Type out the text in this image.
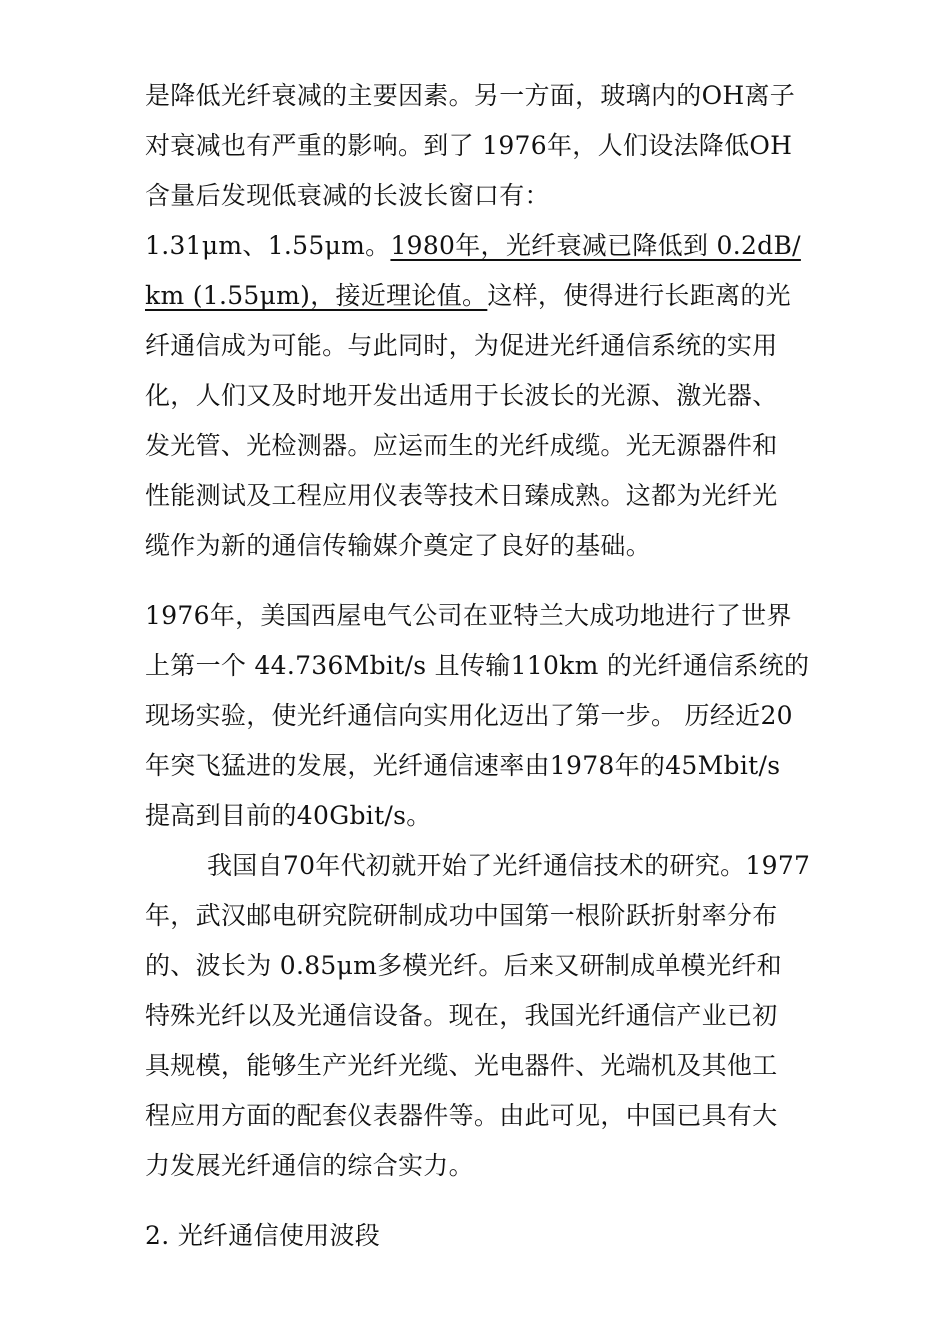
是降低光纤衰减的主要因素。另一方面，玻璃内的OH离子
对衰减也有严重的影响。到了 1976年，人们设法降低OH
含量后发现低衰减的长波长窗口有：
1.31μm、1.55μm。1980年，光纤衰减已降低到 0.2dB/
km (1.55μm)，接近理论值。这样，使得进行长距离的光
纤通信成为可能。与此同时，为促进光纤通信系统的实用
化，人们又及时地开发出适用于长波长的光源、激光器、
发光管、光检测器。应运而生的光纤成缆。光无源器件和
性能测试及工程应用仪表等技术日臻成熟。这都为光纤光
缆作为新的通信传输媒介奠定了良好的基础。
1976年，美国西屋电气公司在亚特兰大成功地进行了世界
上第一个 44.736Mbit/s 且传输110km 的光纤通信系统的
现场实验，使光纤通信向实用化迈出了第一步。 历经近20
年突飞猛进的发展，光纤通信速率由1978年的45Mbit/s
提高到目前的40Gbit/s。
我国自70年代初就开始了光纤通信技术的研究。1977
年，武汉邮电研究院研制成功中国第一根阶跃折射率分布
的、波长为 0.85μm多模光纤。后来又研制成单模光纤和
特殊光纤以及光通信设备。现在，我国光纤通信产业已初
具规模，能够生产光纤光缆、光电器件、光端机及其他工
程应用方面的配套仪表器件等。由此可见，中国已具有大
力发展光纤通信的综合实力。
2. 光纤通信使用波段
